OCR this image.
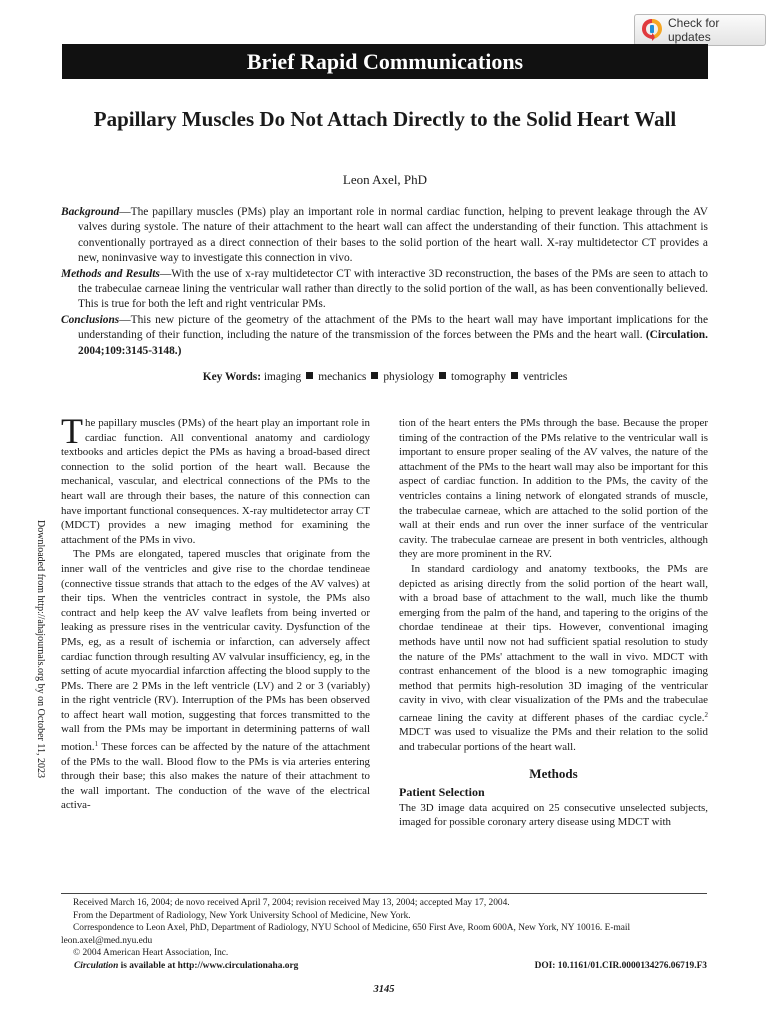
Check for updates
Brief Rapid Communications
Papillary Muscles Do Not Attach Directly to the Solid Heart Wall
Leon Axel, PhD

Background—The papillary muscles (PMs) play an important role in normal cardiac function, helping to prevent leakage through the AV valves during systole. The nature of their attachment to the heart wall can affect the understanding of their function. This attachment is conventionally portrayed as a direct connection of their bases to the solid portion of the heart wall. X-ray multidetector CT provides a new, noninvasive way to investigate this connection in vivo.

Methods and Results—With the use of x-ray multidetector CT with interactive 3D reconstruction, the bases of the PMs are seen to attach to the trabeculae carneae lining the ventricular wall rather than directly to the solid portion of the wall, as has been conventionally believed. This is true for both the left and right ventricular PMs.

Conclusions—This new picture of the geometry of the attachment of the PMs to the heart wall may have important implications for the understanding of their function, including the nature of the transmission of the forces between the PMs and the heart wall. (Circulation. 2004;109:3145-3148.)

Key Words: imaging mechanics physiology tomography ventricles
Downloaded from http://ahajournals.org by on October 11, 2023

The papillary muscles (PMs) of the heart play an important role in cardiac function. All conventional anatomy and cardiology textbooks and articles depict the PMs as having a broad-based direct connection to the solid portion of the heart wall. Because the mechanical, vascular, and electrical connections of the PMs to the heart wall are through their bases, the nature of this connection can have important functional consequences. X-ray multidetector array CT (MDCT) provides a new imaging method for examining the attachment of the PMs in vivo.

The PMs are elongated, tapered muscles that originate from the inner wall of the ventricles and give rise to the chordae tendineae (connective tissue strands that attach to the edges of the AV valves) at their tips. When the ventricles contract in systole, the PMs also contract and help keep the AV valve leaflets from being inverted or leaking as pressure rises in the ventricular cavity. Dysfunction of the PMs, eg, as a result of ischemia or infarction, can adversely affect cardiac function through resulting AV valvular insufficiency, eg, in the setting of acute myocardial infarction affecting the blood supply to the PMs. There are 2 PMs in the left ventricle (LV) and 2 or 3 (variably) in the right ventricle (RV). Interruption of the PMs has been observed to affect heart wall motion, suggesting that forces transmitted to the wall from the PMs may be important in determining patterns of wall motion.$^1$ These forces can be affected by the nature of the attachment of the PMs to the wall. Blood flow to the PMs is via arteries entering through their base; this also makes the nature of their attachment to the wall important. The conduction of the wave of the electrical activa-

tion of the heart enters the PMs through the base. Because the proper timing of the contraction of the PMs relative to the ventricular wall is important to ensure proper sealing of the AV valves, the nature of the attachment of the PMs to the heart wall may also be important for this aspect of cardiac function. In addition to the PMs, the cavity of the ventricles contains a lining network of elongated strands of muscle, the trabeculae carneae, which are attached to the solid portion of the wall at their ends and run over the inner surface of the ventricular cavity. The trabeculae carneae are present in both ventricles, although they are more prominent in the RV.

In standard cardiology and anatomy textbooks, the PMs are depicted as arising directly from the solid portion of the heart wall, with a broad base of attachment to the wall, much like the thumb emerging from the palm of the hand, and tapering to the origins of the chordae tendineae at their tips. However, conventional imaging methods have until now not had sufficient spatial resolution to study the nature of the PMs' attachment to the wall in vivo. MDCT with contrast enhancement of the blood is a new tomographic imaging method that permits high-resolution 3D imaging of the ventricular cavity in vivo, with clear visualization of the PMs and the trabeculae carneae lining the cavity at different phases of the cardiac cycle.$^2$ MDCT was used to visualize the PMs and their relation to the solid and trabecular portions of the heart wall.

Methods
Patient Selection

The 3D image data acquired on 25 consecutive unselected subjects, imaged for possible coronary artery disease using MDCT with

Received March 16, 2004; de novo received April 7, 2004; revision received May 13, 2004; accepted May 17, 2004.

From the Department of Radiology, New York University School of Medicine, New York.

Correspondence to Leon Axel, PhD, Department of Radiology, NYU School of Medicine, 650 First Ave, Room 600A, New York, NY 10016. E-mail leon.axel@med.nyu.edu

© 2004 American Heart Association, Inc.

Circulation is available at http://www.circulationaha.org	DOI: 10.1161/01.CIR.0000134276.06719.F3
3145
